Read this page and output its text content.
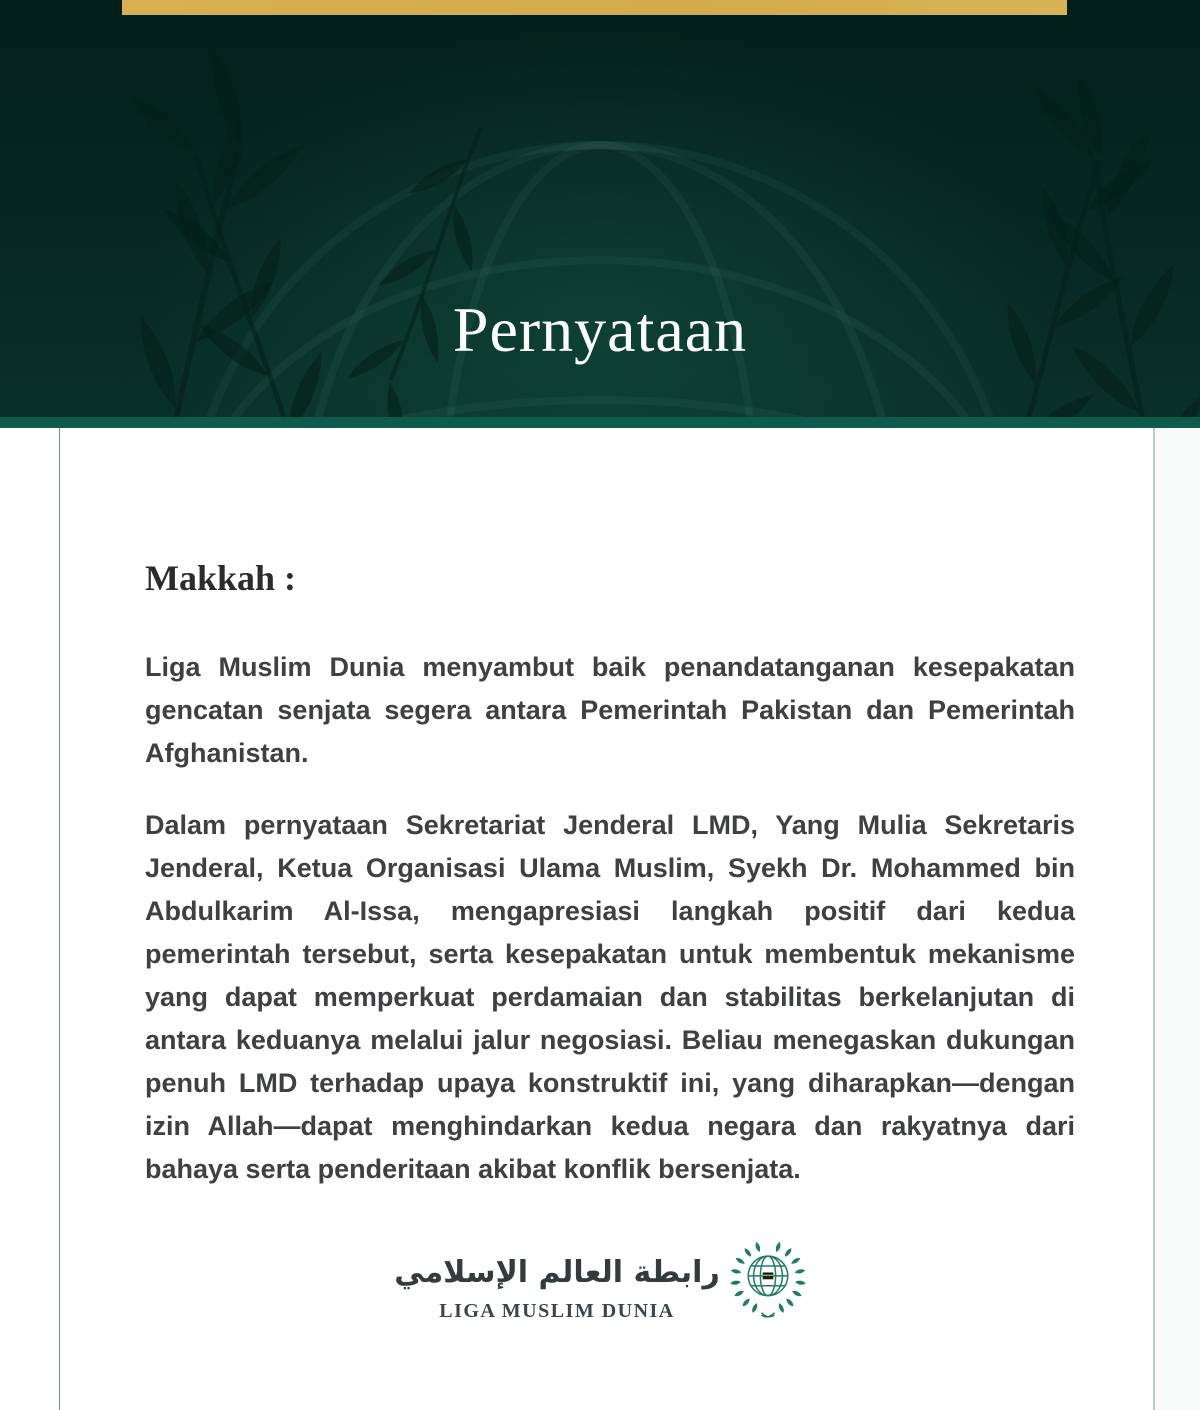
Pernyataan
Makkah :

Liga Muslim Dunia menyambut baik penandatanganan kesepakatan gencatan senjata segera antara Pemerintah Pakistan dan Pemerintah Afghanistan.

Dalam pernyataan Sekretariat Jenderal LMD, Yang Mulia Sekretaris Jenderal, Ketua Organisasi Ulama Muslim, Syekh Dr. Mohammed bin Abdulkarim Al-Issa, mengapresiasi langkah positif dari kedua pemerintah tersebut, serta kesepakatan untuk membentuk mekanisme yang dapat memperkuat perdamaian dan stabilitas berkelanjutan di antara keduanya melalui jalur negosiasi. Beliau menegaskan dukungan penuh LMD terhadap upaya konstruktif ini, yang diharapkan—dengan izin Allah—dapat menghindarkan kedua negara dan rakyatnya dari bahaya serta penderitaan akibat konflik bersenjata.

رابطة العالم الإسلامي
LIGA MUSLIM DUNIA
